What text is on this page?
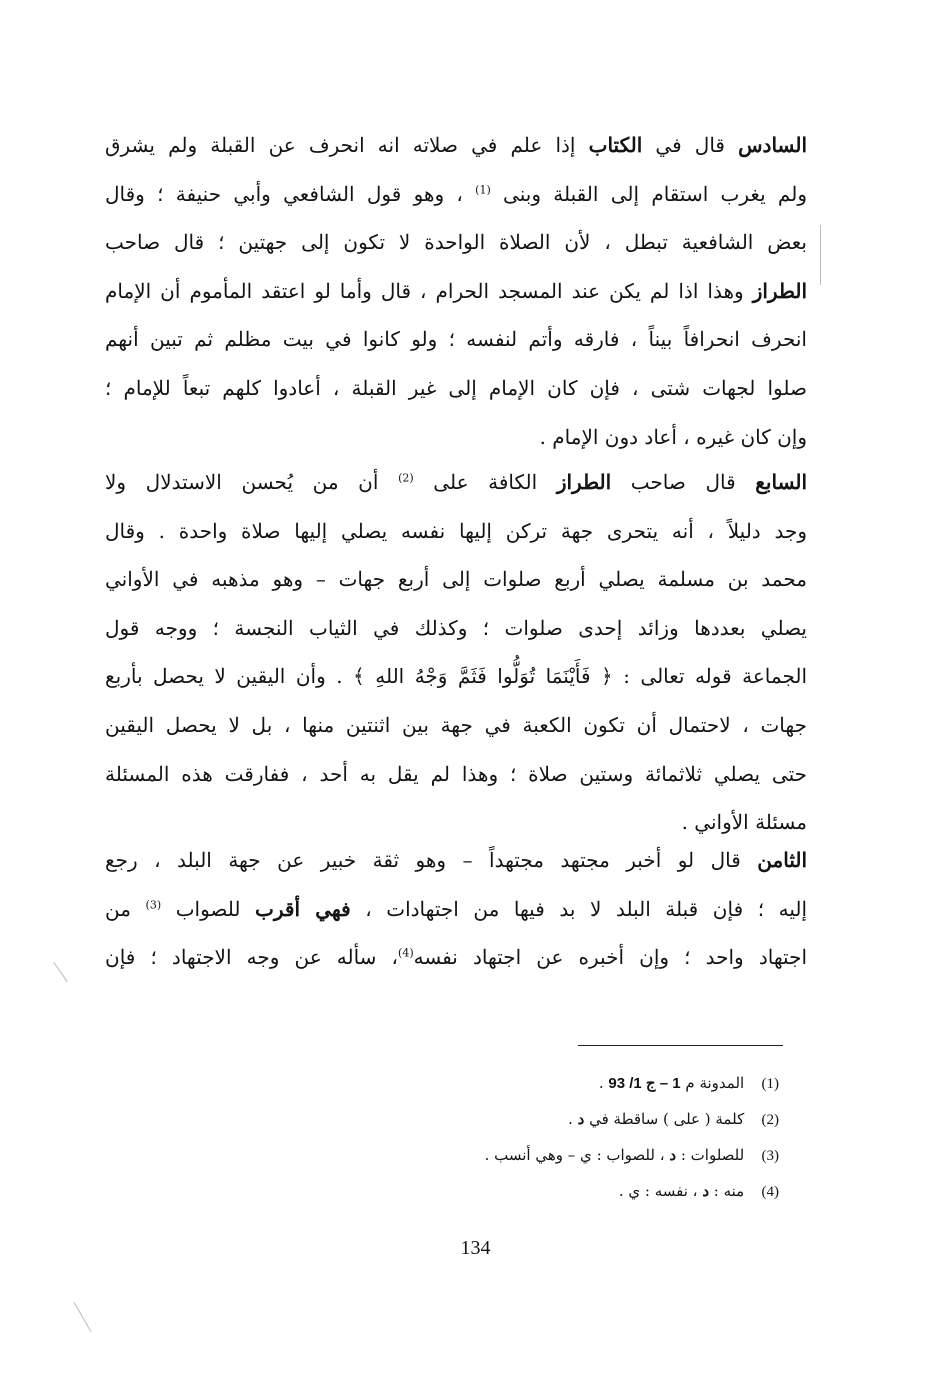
السادس قال في الكتاب إذا علم في صلاته انه انحرف عن القبلة ولم يشرق
ولم يغرب استقام إلى القبلة وبنى $^{(1)}$ ، وهو قول الشافعي وأبي حنيفة ؛ وقال
بعض الشافعية تبطل ، لأن الصلاة الواحدة لا تكون إلى جهتين ؛ قال صاحب
الطراز وهذا اذا لم يكن عند المسجد الحرام ، قال وأما لو اعتقد المأموم أن الإمام
انحرف انحرافاً بيناً ، فارقه وأتم لنفسه ؛ ولو كانوا في بيت مظلم ثم تبين أنهم
صلوا لجهات شتى ، فإن كان الإمام إلى غير القبلة ، أعادوا كلهم تبعاً للإمام ؛
وإن كان غيره ، أعاد دون الإمام .
السابع قال صاحب الطراز الكافة على $^{(2)}$ أن من يُحسن الاستدلال ولا
وجد دليلاً ، أنه يتحرى جهة تركن إليها نفسه يصلي إليها صلاة واحدة . وقال
محمد بن مسلمة يصلي أربع صلوات إلى أربع جهات – وهو مذهبه في الأواني
يصلي بعددها وزائد إحدى صلوات ؛ وكذلك في الثياب النجسة ؛ ووجه قول
الجماعة قوله تعالى : ﴿ فَأَيْنَمَا تُوَلُّوا فَثَمَّ وَجْهُ اللهِ ﴾ . وأن اليقين لا يحصل بأربع
جهات ، لاحتمال أن تكون الكعبة في جهة بين اثنتين منها ، بل لا يحصل اليقين
حتى يصلي ثلاثمائة وستين صلاة ؛ وهذا لم يقل به أحد ، ففارقت هذه المسئلة
مسئلة الأواني .
الثامن قال لو أخبر مجتهد مجتهداً – وهو ثقة خبير عن جهة البلد ، رجع
إليه ؛ فإن قبلة البلد لا بد فيها من اجتهادات ، فهي أقرب للصواب $^{(3)}$ من
اجتهاد واحد ؛ وإن أخبره عن اجتهاد نفسه$^{(4)}$، سأله عن وجه الاجتهاد ؛ فإن
(1) المدونة م 1 – ج 1/ 93 .
(2) كلمة ( على ) ساقطة في د .
(3) للصلوات : د ، للصواب : ي – وهي أنسب .
(4) منه : د ، نفسه : ي .
134
